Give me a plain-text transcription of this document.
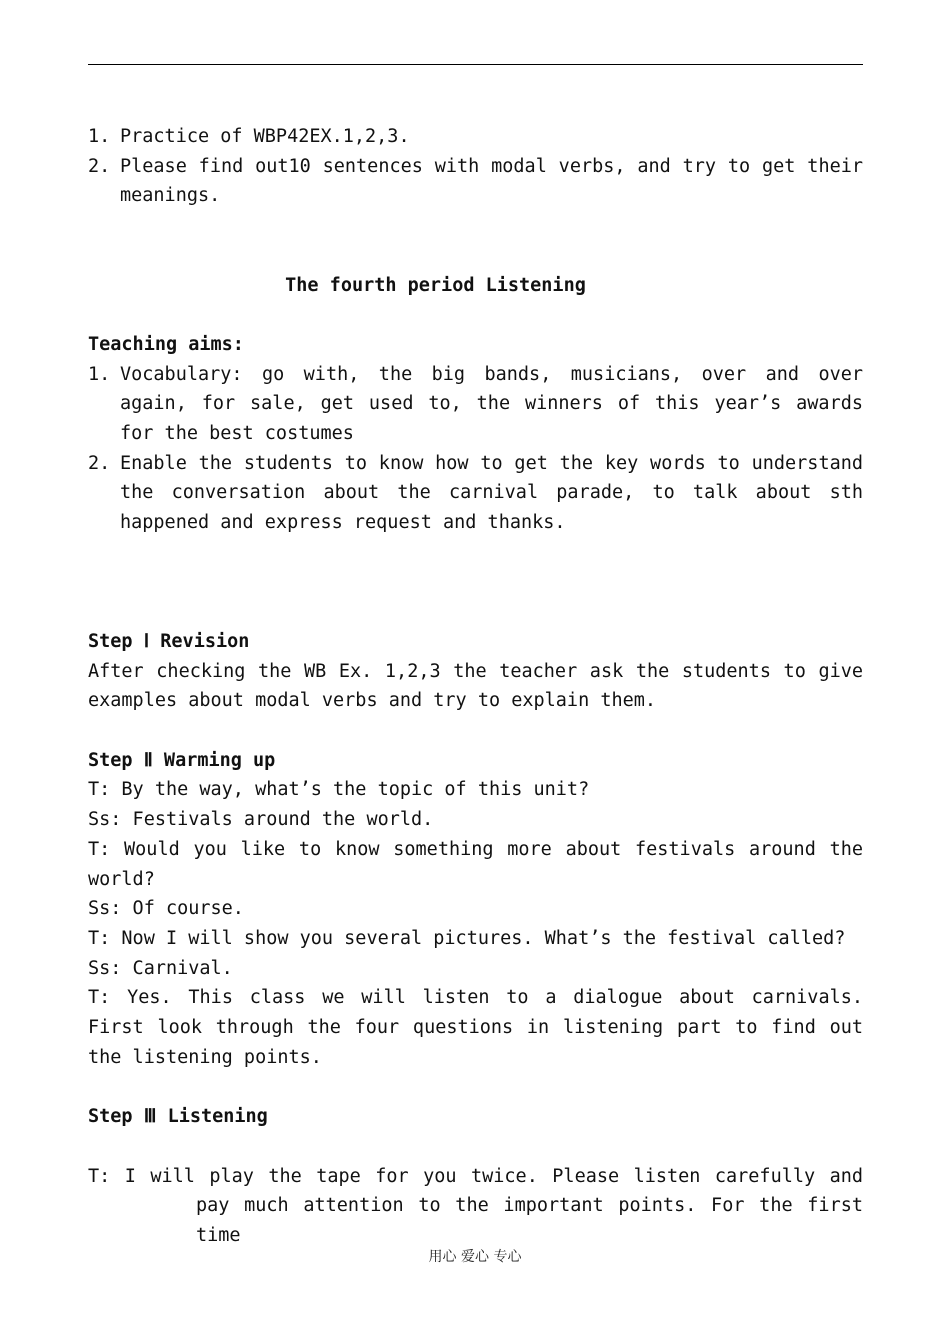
1. Practice of WBP42EX.1,2,3.
2. Please find out10 sentences with modal verbs, and try to get their meanings.

The fourth period Listening

Teaching aims:

1. Vocabulary: go with, the big bands, musicians, over and over again, for sale, get used to, the winners of this year’s awards for the best costumes
2. Enable the students to know how to get the key words to understand the conversation about the carnival parade, to talk about sth happened and express request and thanks.

Step Ⅰ Revision

After checking the WB Ex. 1,2,3 the teacher ask the students to give examples about modal verbs and try to explain them.

Step Ⅱ Warming up

T: By the way, what’s the topic of this unit?

Ss: Festivals around the world.

T: Would you like to know something more about festivals around the world?

Ss: Of course.

T: Now I will show you several pictures. What’s the festival called?

Ss: Carnival.

T: Yes. This class we will listen to a dialogue about carnivals. First look through the four questions in listening part to find out the listening points.

Step Ⅲ Listening

T: I will play the tape for you twice. Please listen carefully and pay much attention to the important points. For the first time

用心 爱心 专心
